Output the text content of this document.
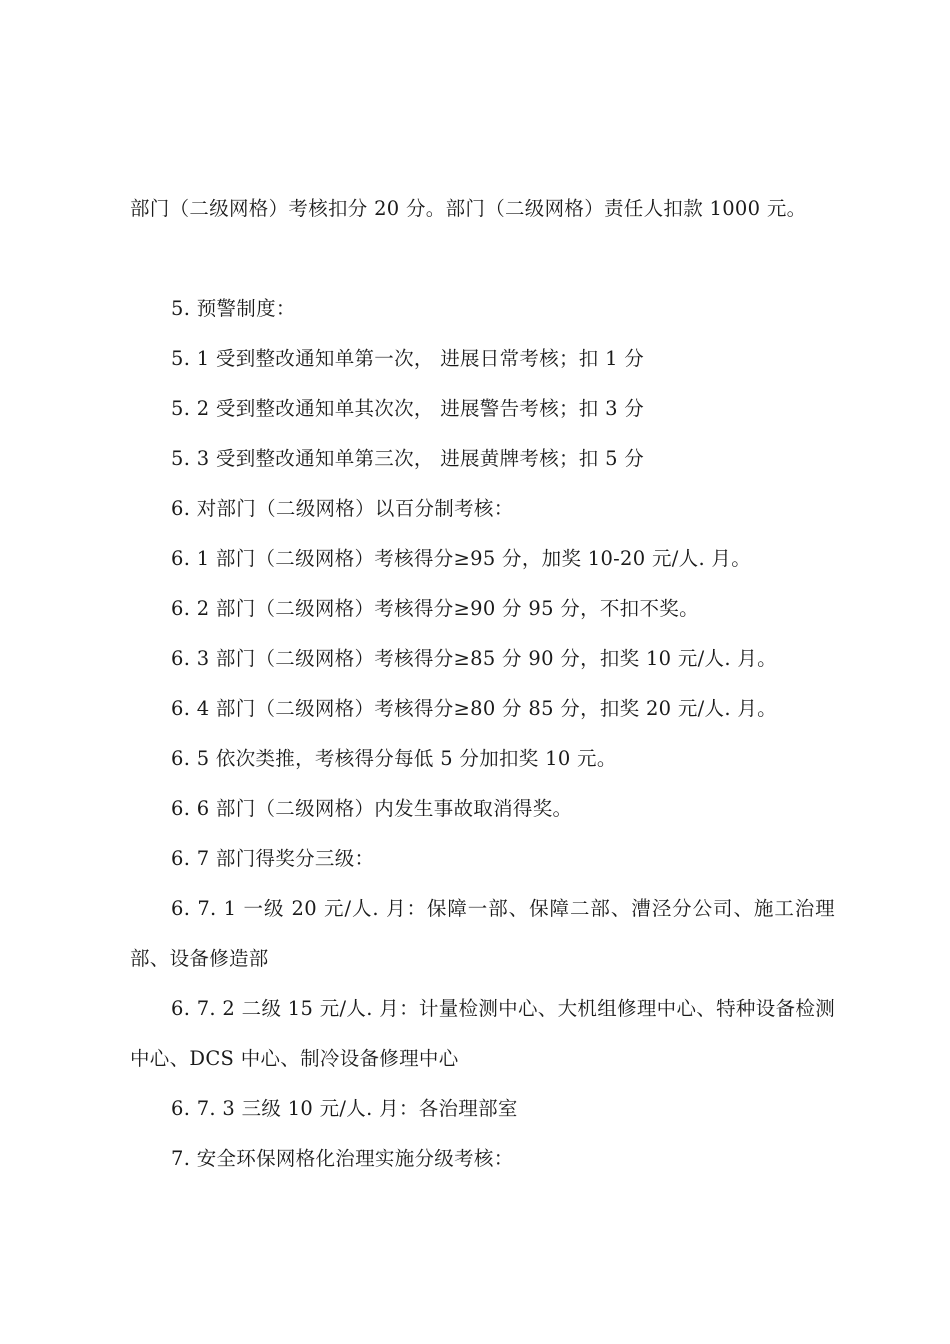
部门（二级网格）考核扣分 20 分。部门（二级网格）责任人扣款 1000 元。
5. 预警制度：
5. 1 受到整改通知单第一次， 进展日常考核；扣 1 分
5. 2 受到整改通知单其次次， 进展警告考核；扣 3 分
5. 3 受到整改通知单第三次， 进展黄牌考核；扣 5 分
6. 对部门（二级网格）以百分制考核：
6. 1 部门（二级网格）考核得分≥95 分，加奖 10-20 元/人. 月。
6. 2 部门（二级网格）考核得分≥90 分 95 分，不扣不奖。
6. 3 部门（二级网格）考核得分≥85 分 90 分，扣奖 10 元/人. 月。
6. 4 部门（二级网格）考核得分≥80 分 85 分，扣奖 20 元/人. 月。
6. 5 依次类推，考核得分每低 5 分加扣奖 10 元。
6. 6 部门（二级网格）内发生事故取消得奖。
6. 7 部门得奖分三级：
6. 7. 1 一级 20 元/人. 月：保障一部、保障二部、漕泾分公司、施工治理部、设备修造部
6. 7. 2 二级 15 元/人. 月：计量检测中心、大机组修理中心、特种设备检测中心、DCS 中心、制冷设备修理中心
6. 7. 3 三级 10 元/人. 月：各治理部室
7. 安全环保网格化治理实施分级考核：
